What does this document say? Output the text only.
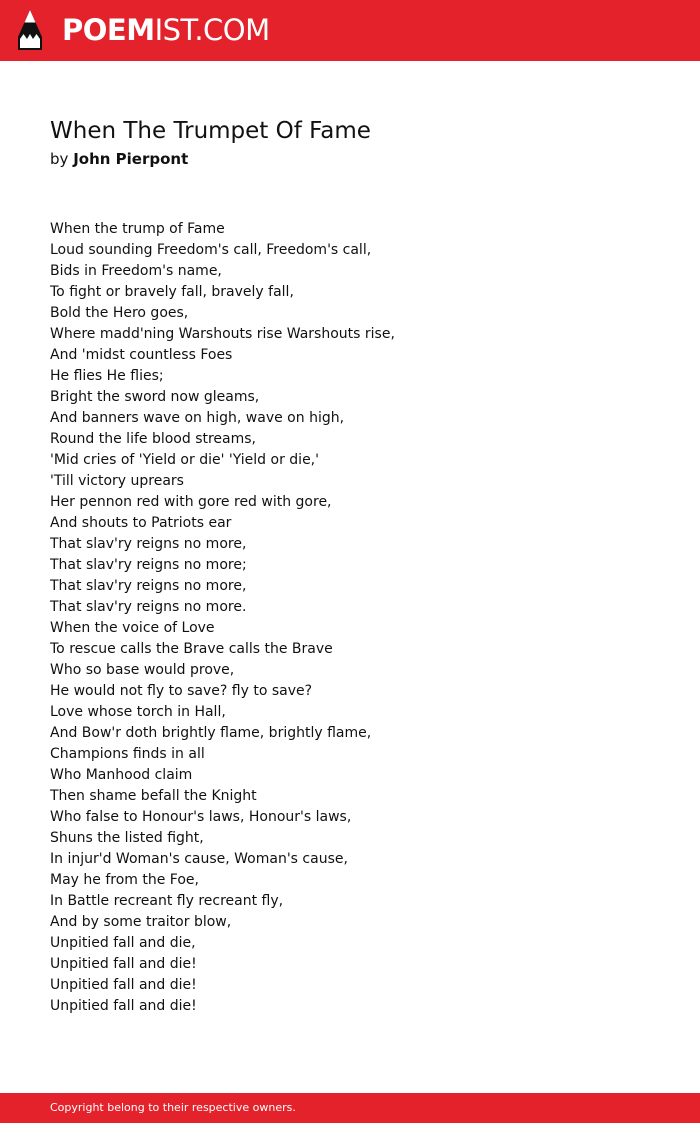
POEMIST.COM
When The Trumpet Of Fame
by John Pierpont
When the trump of Fame
Loud sounding Freedom's call, Freedom's call,
Bids in Freedom's name,
To fight or bravely fall, bravely fall,
Bold the Hero goes,
Where madd'ning Warshouts rise Warshouts rise,
And 'midst countless Foes
He flies He flies;
Bright the sword now gleams,
And banners wave on high, wave on high,
Round the life blood streams,
'Mid cries of 'Yield or die' 'Yield or die,'
'Till victory uprears
Her pennon red with gore red with gore,
And shouts to Patriots ear
That slav'ry reigns no more,
That slav'ry reigns no more;
That slav'ry reigns no more,
That slav'ry reigns no more.
When the voice of Love
To rescue calls the Brave calls the Brave
Who so base would prove,
He would not fly to save? fly to save?
Love whose torch in Hall,
And Bow'r doth brightly flame, brightly flame,
Champions finds in all
Who Manhood claim
Then shame befall the Knight
Who false to Honour's laws, Honour's laws,
Shuns the listed fight,
In injur'd Woman's cause, Woman's cause,
May he from the Foe,
In Battle recreant fly recreant fly,
And by some traitor blow,
Unpitied fall and die,
Unpitied fall and die!
Unpitied fall and die!
Unpitied fall and die!
Copyright belong to their respective owners.
